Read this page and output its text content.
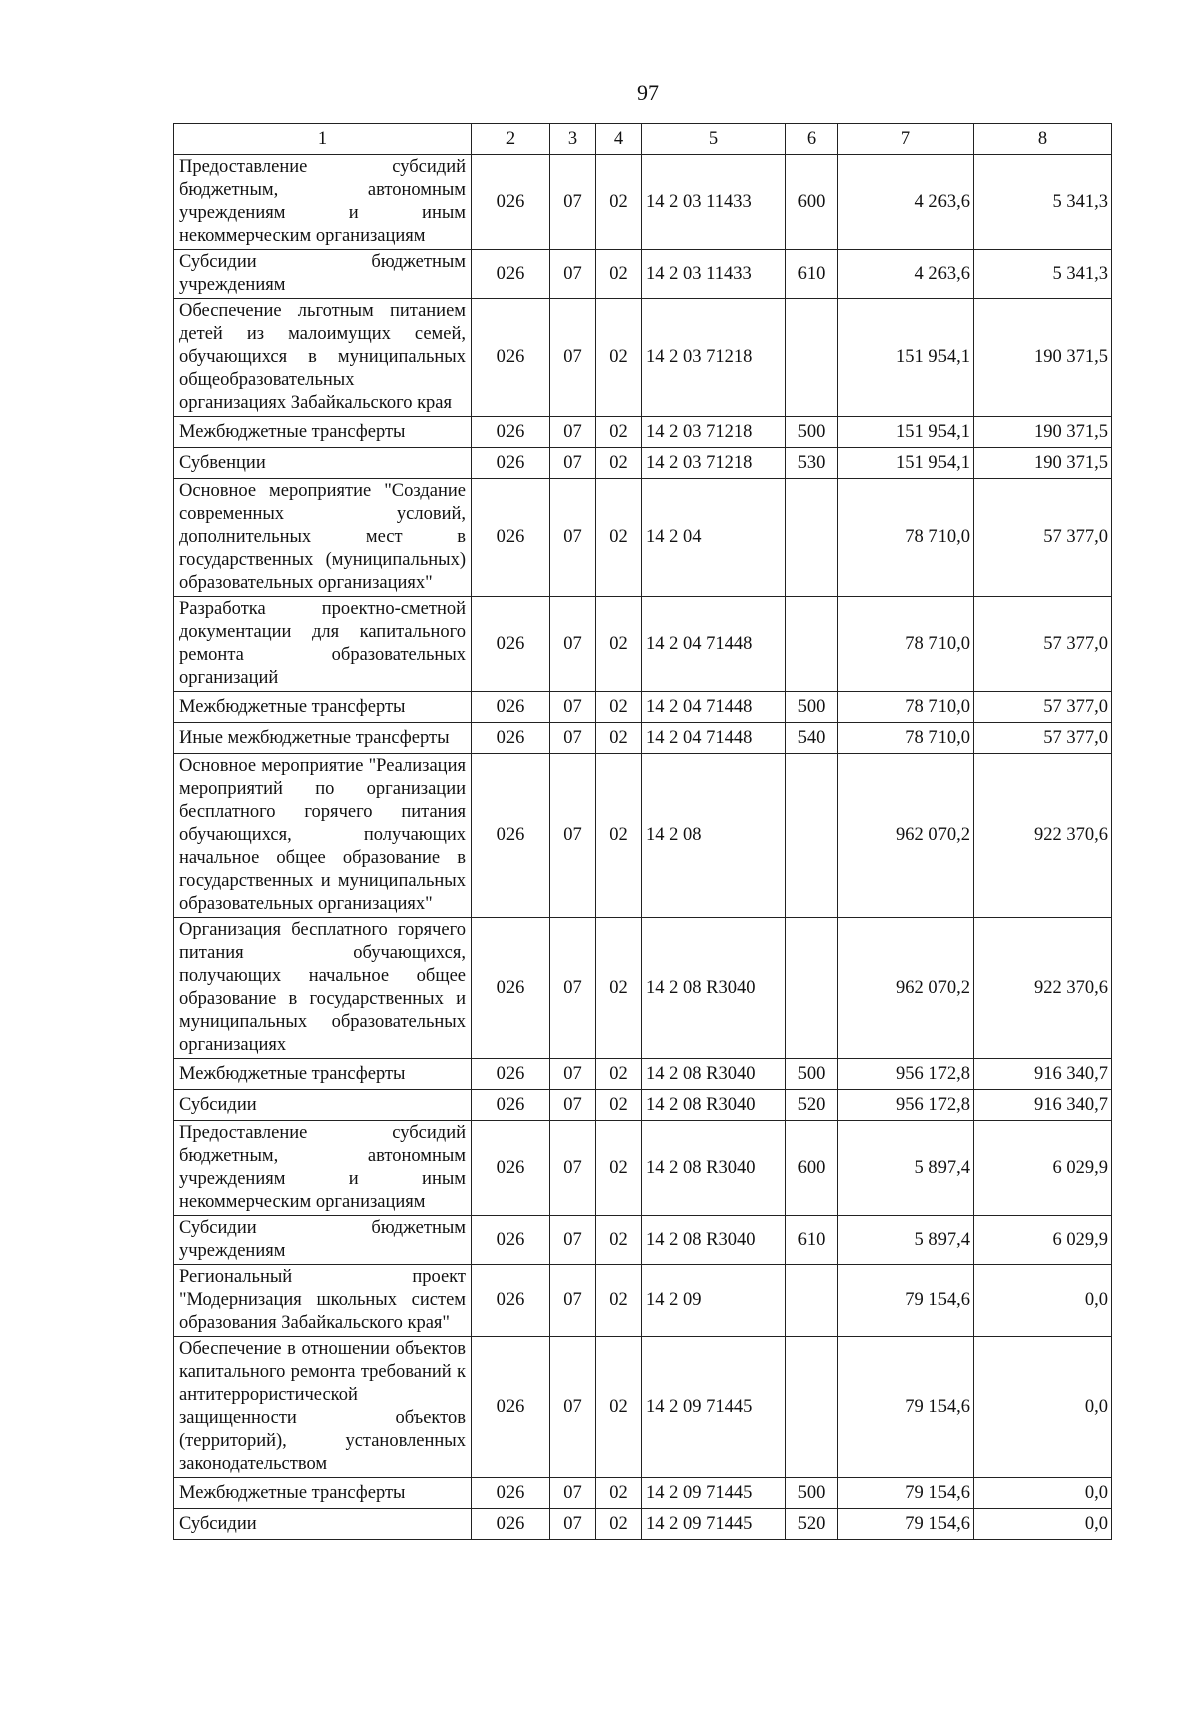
97
1	2	3	4	5	6	7	8
Предоставление субсидий бюджетным, автономным учреждениям и иным некоммерческим организациям	026	07	02	14 2 03 11433	600	4 263,6	5 341,3
Субсидии бюджетным учреждениям	026	07	02	14 2 03 11433	610	4 263,6	5 341,3
Обеспечение льготным питанием детей из малоимущих семей, обучающихся в муниципальных общеобразовательных организациях Забайкальского края	026	07	02	14 2 03 71218		151 954,1	190 371,5
Межбюджетные трансферты	026	07	02	14 2 03 71218	500	151 954,1	190 371,5
Субвенции	026	07	02	14 2 03 71218	530	151 954,1	190 371,5
Основное мероприятие "Создание современных условий, дополнительных мест в государственных (муниципальных) образовательных организациях"	026	07	02	14 2 04		78 710,0	57 377,0
Разработка проектно-сметной документации для капитального ремонта образовательных организаций	026	07	02	14 2 04 71448		78 710,0	57 377,0
Межбюджетные трансферты	026	07	02	14 2 04 71448	500	78 710,0	57 377,0
Иные межбюджетные трансферты	026	07	02	14 2 04 71448	540	78 710,0	57 377,0
Основное мероприятие "Реализация мероприятий по организации бесплатного горячего питания обучающихся, получающих начальное общее образование в государственных и муниципальных образовательных организациях"	026	07	02	14 2 08		962 070,2	922 370,6
Организация бесплатного горячего питания обучающихся, получающих начальное общее образование в государственных и муниципальных образовательных организациях	026	07	02	14 2 08 R3040		962 070,2	922 370,6
Межбюджетные трансферты	026	07	02	14 2 08 R3040	500	956 172,8	916 340,7
Субсидии	026	07	02	14 2 08 R3040	520	956 172,8	916 340,7
Предоставление субсидий бюджетным, автономным учреждениям и иным некоммерческим организациям	026	07	02	14 2 08 R3040	600	5 897,4	6 029,9
Субсидии бюджетным учреждениям	026	07	02	14 2 08 R3040	610	5 897,4	6 029,9
Региональный проект "Модернизация школьных систем образования Забайкальского края"	026	07	02	14 2 09		79 154,6	0,0
Обеспечение в отношении объектов капитального ремонта требований к антитеррористической защищенности объектов (территорий), установленных законодательством	026	07	02	14 2 09 71445		79 154,6	0,0
Межбюджетные трансферты	026	07	02	14 2 09 71445	500	79 154,6	0,0
Субсидии	026	07	02	14 2 09 71445	520	79 154,6	0,0
